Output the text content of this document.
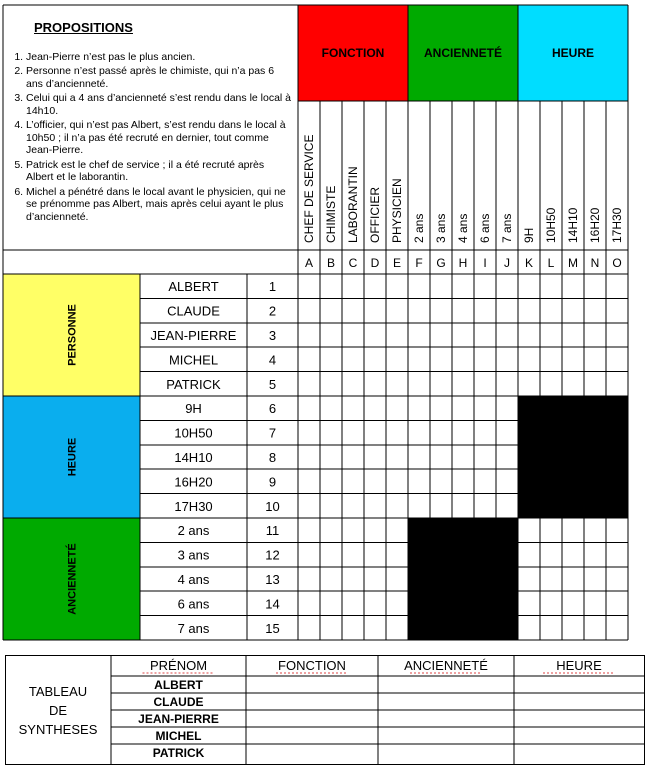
FONCTION	ANCIENNETÉ	HEURE
PERSONNE
HEURE
ANCIENNETÉ
CHEF DE SERVICE
A
CHIMISTE
B
LABORANTIN
C
OFFICIER
D
PHYSICIEN
E
2 ans
F
3 ans
G
4 ans
H
6 ans
I
7 ans
J
9H
K
10H50
L
14H10
M
16H20
N
17H30
O
ALBERT	1
CLAUDE	2
JEAN-PIERRE 3
MICHEL	4
PATRICK	5
9H	6
10H50	7
14H10	8
16H20	9
17H30	10
2 ans	11
3 ans	12
4 ans	13
6 ans	14
7 ans	15
PROPOSITIONS
1. Jean-Pierre n’est pas le plus ancien.
2. Personne n’est passé après le chimiste, qui n’a pas 6 ans d’ancienneté.
3. Celui qui a 4 ans d’ancienneté s’est rendu dans le local à 14h10.
4. L’officier, qui n’est pas Albert, s’est rendu dans le local à 10h50 ; il n’a pas été recruté en dernier, tout comme Jean-Pierre.
5. Patrick est le chef de service ; il a été recruté après Albert et le laborantin.
6. Michel a pénétré dans le local avant le physicien, qui ne se prénomme pas Albert, mais après celui ayant le plus d’ancienneté.
TABLEAU
DE
SYNTHESES
PRÉNOM	FONCTION	ANCIENNETÉ	HEURE
ALBERT
CLAUDE
JEAN-PIERRE
MICHEL
PATRICK
